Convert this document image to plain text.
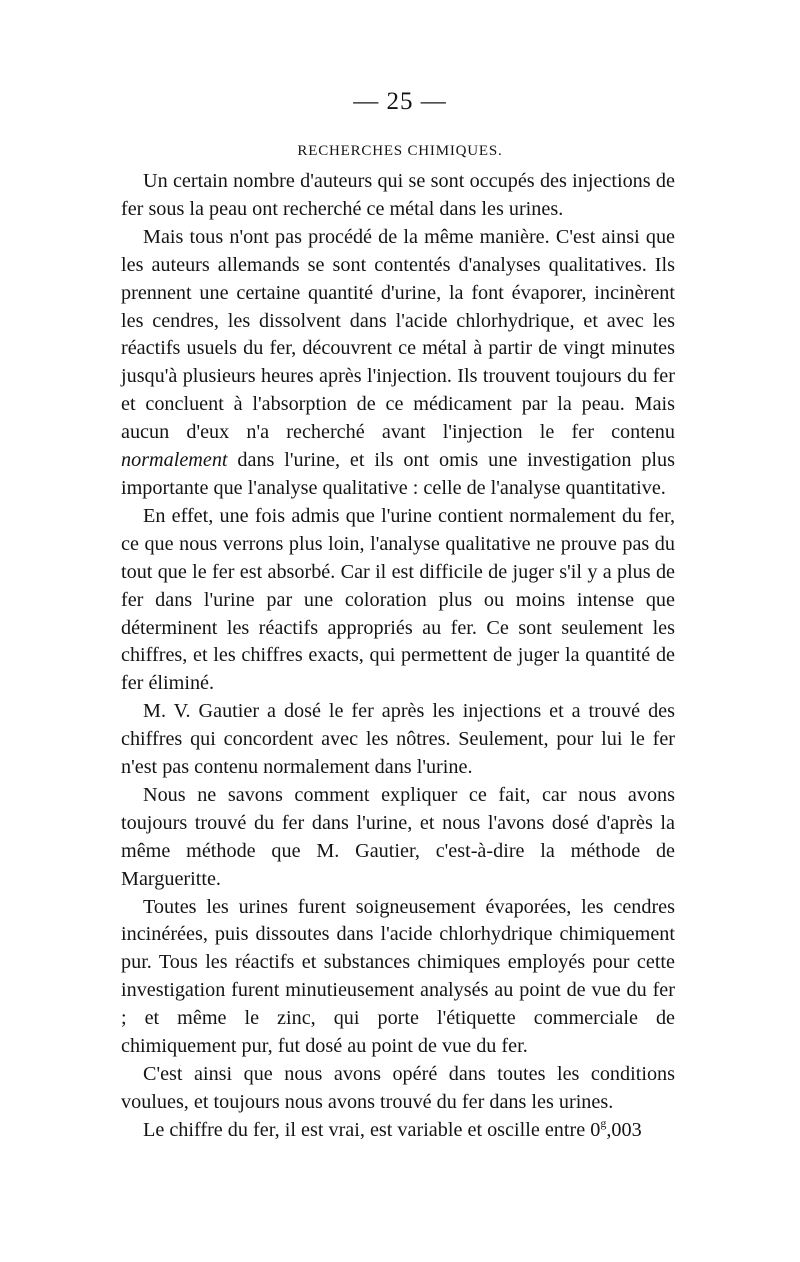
— 25 —
RECHERCHES CHIMIQUES.

Un certain nombre d'auteurs qui se sont occupés des injections de fer sous la peau ont recherché ce métal dans les urines.

Mais tous n'ont pas procédé de la même manière. C'est ainsi que les auteurs allemands se sont contentés d'analyses qualitatives. Ils prennent une certaine quantité d'urine, la font évaporer, incinèrent les cendres, les dissolvent dans l'acide chlorhydrique, et avec les réactifs usuels du fer, découvrent ce métal à partir de vingt minutes jusqu'à plusieurs heures après l'injection. Ils trouvent toujours du fer et concluent à l'absorption de ce médicament par la peau. Mais aucun d'eux n'a recherché avant l'injection le fer contenu normalement dans l'urine, et ils ont omis une investigation plus importante que l'analyse qualitative : celle de l'analyse quantitative.

En effet, une fois admis que l'urine contient normalement du fer, ce que nous verrons plus loin, l'analyse qualitative ne prouve pas du tout que le fer est absorbé. Car il est difficile de juger s'il y a plus de fer dans l'urine par une coloration plus ou moins intense que déterminent les réactifs appropriés au fer. Ce sont seulement les chiffres, et les chiffres exacts, qui permettent de juger la quantité de fer éliminé.

M. V. Gautier a dosé le fer après les injections et a trouvé des chiffres qui concordent avec les nôtres. Seulement, pour lui le fer n'est pas contenu normalement dans l'urine.

Nous ne savons comment expliquer ce fait, car nous avons toujours trouvé du fer dans l'urine, et nous l'avons dosé d'après la même méthode que M. Gautier, c'est-à-dire la méthode de Margueritte.

Toutes les urines furent soigneusement évaporées, les cendres incinérées, puis dissoutes dans l'acide chlorhydrique chimiquement pur. Tous les réactifs et substances chimiques employés pour cette investigation furent minutieusement analysés au point de vue du fer ; et même le zinc, qui porte l'étiquette commerciale de chimiquement pur, fut dosé au point de vue du fer.

C'est ainsi que nous avons opéré dans toutes les conditions voulues, et toujours nous avons trouvé du fer dans les urines.

Le chiffre du fer, il est vrai, est variable et oscille entre 0$^g$,003
